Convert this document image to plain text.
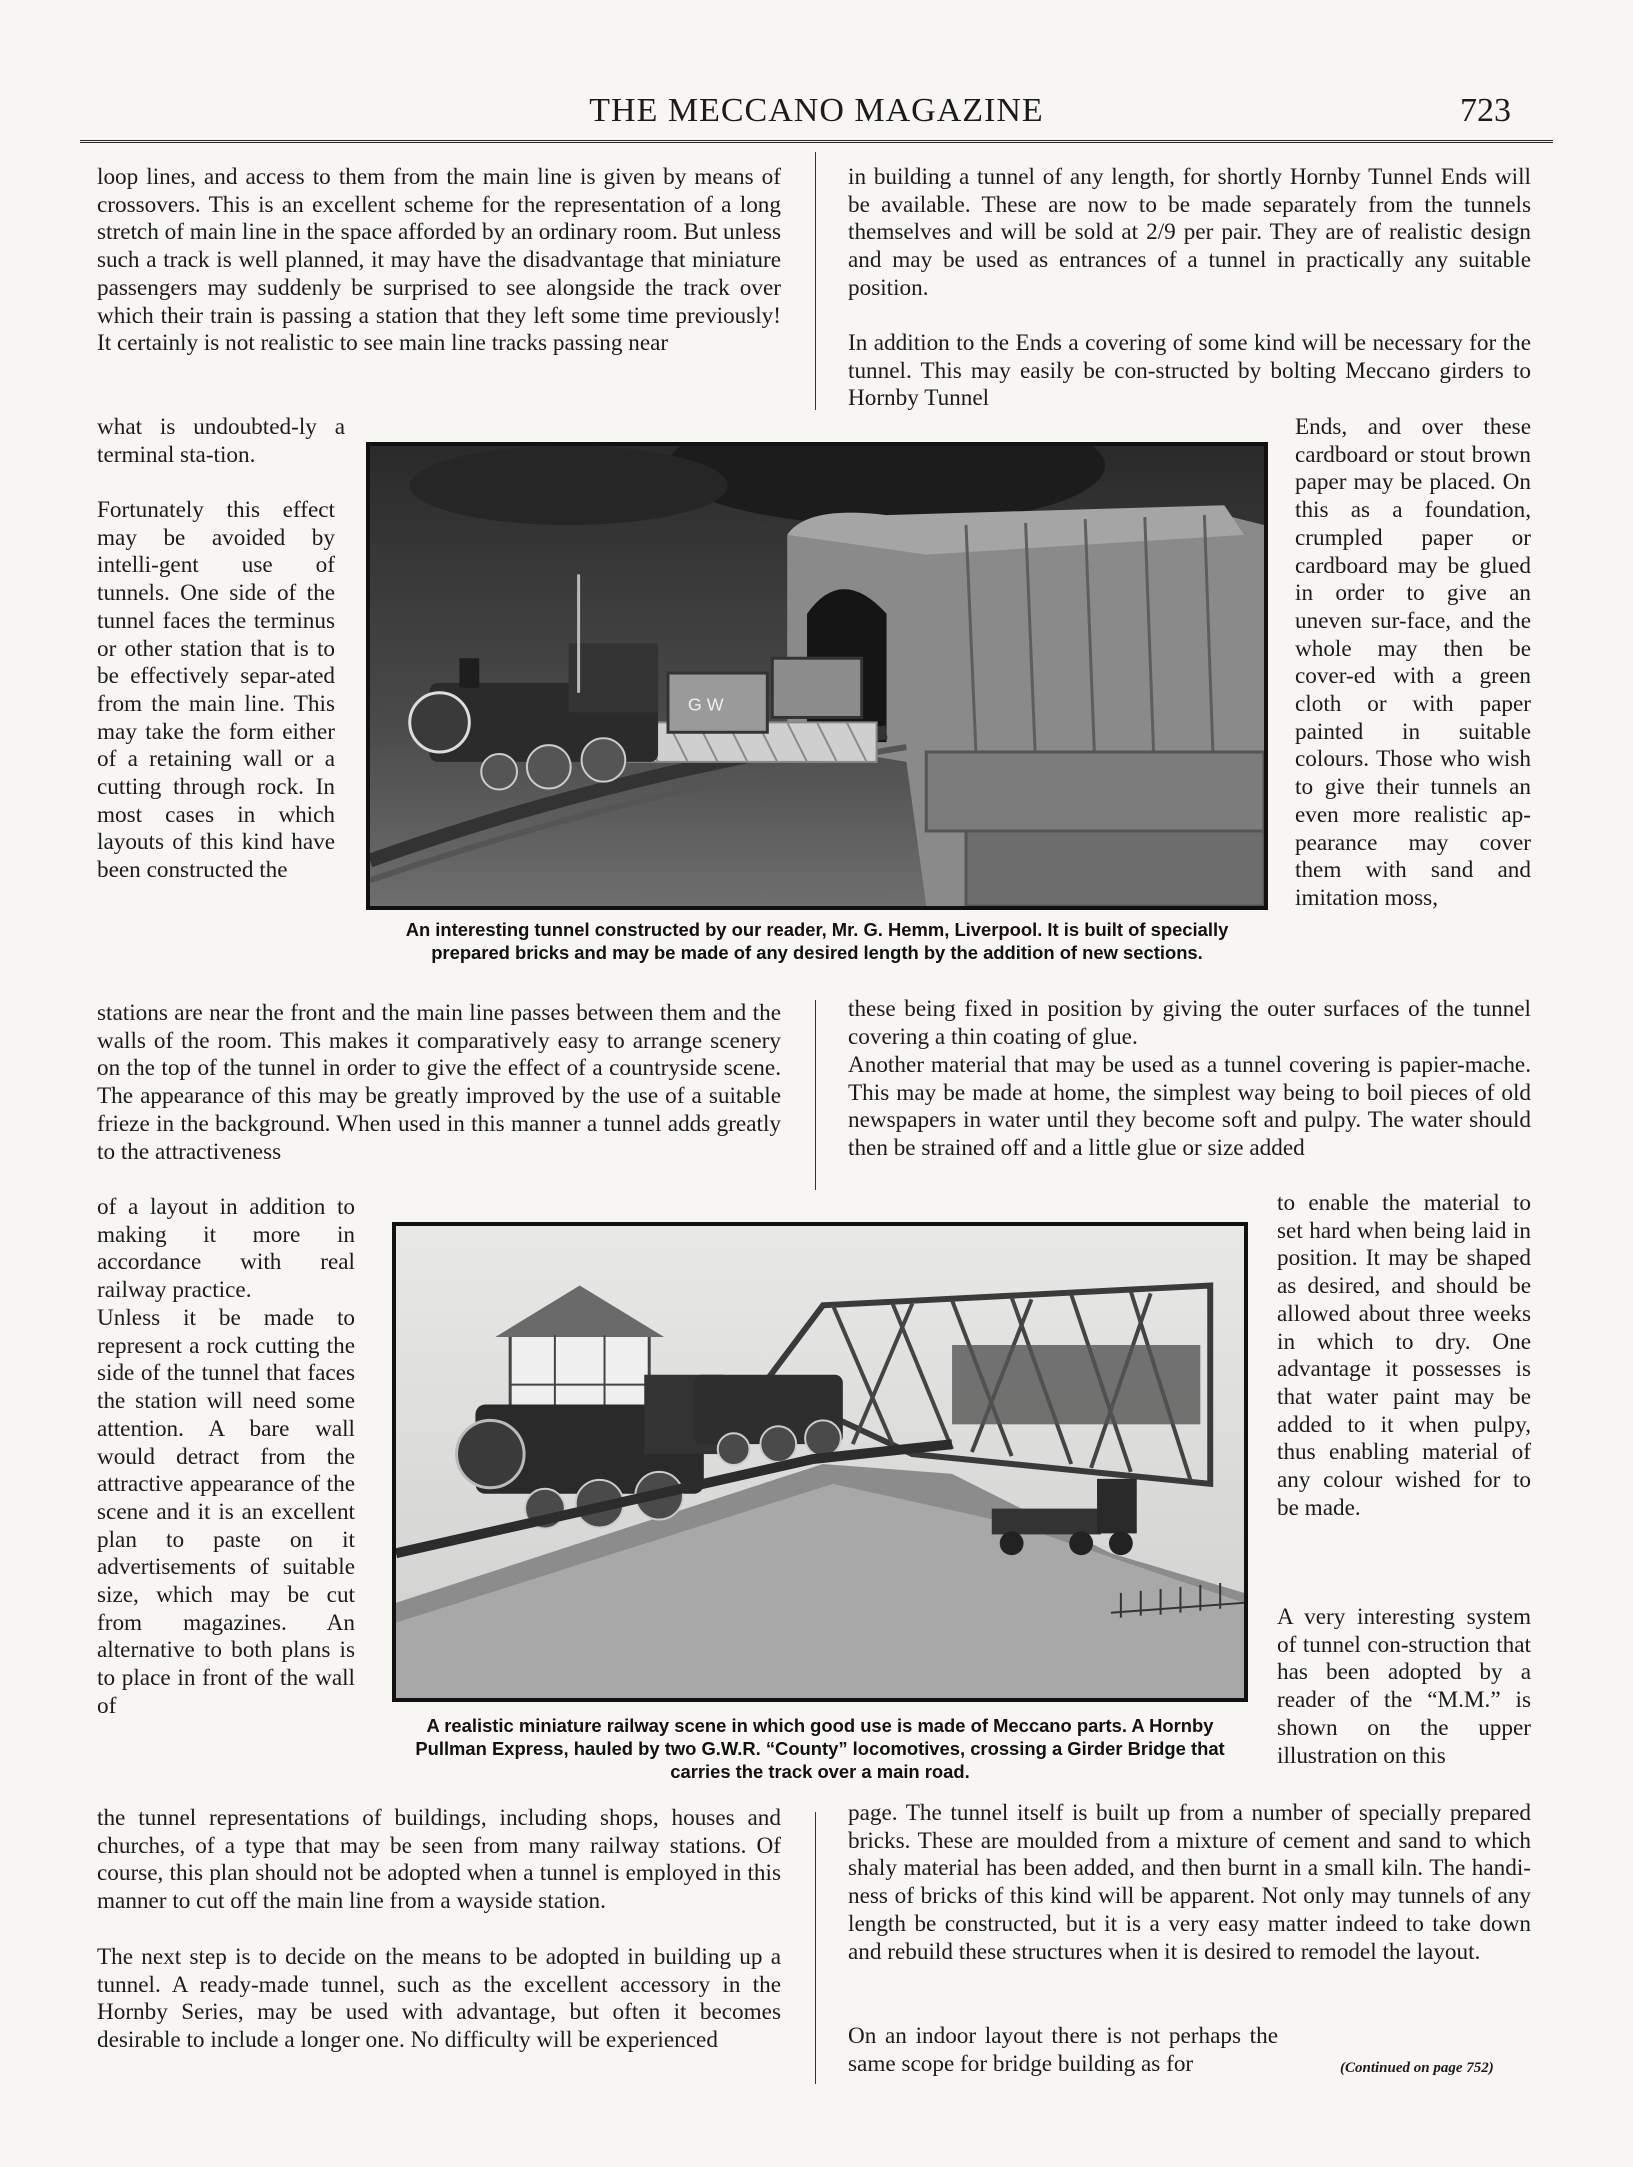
THE MECCANO MAGAZINE	723
loop lines, and access to them from the main line is given by means of crossovers. This is an excellent scheme for the representation of a long stretch of main line in the space afforded by an ordinary room. But unless such a track is well planned, it may have the disadvantage that miniature passengers may suddenly be surprised to see alongside the track over which their train is passing a station that they left some time previously! It certainly is not realistic to see main line tracks passing near
what is undoubted-ly a terminal sta-tion.
Fortunately this effect may be avoided by intelli-gent use of tunnels. One side of the tunnel faces the terminus or other station that is to be effectively separ-ated from the main line. This may take the form either of a retaining wall or a cutting through rock. In most cases in which layouts of this kind have been constructed the
stations are near the front and the main line passes between them and the walls of the room. This makes it comparatively easy to arrange scenery on the top of the tunnel in order to give the effect of a countryside scene. The appearance of this may be greatly improved by the use of a suitable frieze in the background. When used in this manner a tunnel adds greatly to the attractiveness
of a layout in addition to making it more in accordance with real railway practice.
Unless it be made to represent a rock cutting the side of the tunnel that faces the station will need some attention. A bare wall would detract from the attractive appearance of the scene and it is an excellent plan to paste on it advertisements of suitable size, which may be cut from magazines. An alternative to both plans is to place in front of the wall of
the tunnel representations of buildings, including shops, houses and churches, of a type that may be seen from many railway stations. Of course, this plan should not be adopted when a tunnel is employed in this manner to cut off the main line from a wayside station.
The next step is to decide on the means to be adopted in building up a tunnel. A ready-made tunnel, such as the excellent accessory in the Hornby Series, may be used with advantage, but often it becomes desirable to include a longer one. No difficulty will be experienced
in building a tunnel of any length, for shortly Hornby Tunnel Ends will be available. These are now to be made separately from the tunnels themselves and will be sold at 2/9 per pair. They are of realistic design and may be used as entrances of a tunnel in practically any suitable position.
In addition to the Ends a covering of some kind will be necessary for the tunnel. This may easily be con-structed by bolting Meccano girders to Hornby Tunnel
Ends, and over these cardboard or stout brown paper may be placed. On this as a foundation, crumpled paper or cardboard may be glued in order to give an uneven sur-face, and the whole may then be cover-ed with a green cloth or with paper painted in suitable colours. Those who wish to give their tunnels an even more realistic ap-pearance may cover them with sand and imitation moss,
these being fixed in position by giving the outer surfaces of the tunnel covering a thin coating of glue.
Another material that may be used as a tunnel covering is papier-mache. This may be made at home, the simplest way being to boil pieces of old newspapers in water until they become soft and pulpy. The water should then be strained off and a little glue or size added
to enable the material to set hard when being laid in position. It may be shaped as desired, and should be allowed about three weeks in which to dry. One advantage it possesses is that water paint may be added to it when pulpy, thus enabling material of any colour wished for to be made.
A very interesting system of tunnel con-struction that has been adopted by a reader of the “M.M.” is shown on the upper illustration on this
page. The tunnel itself is built up from a number of specially prepared bricks. These are moulded from a mixture of cement and sand to which shaly material has been added, and then burnt in a small kiln. The handi-ness of bricks of this kind will be apparent. Not only may tunnels of any length be constructed, but it is a very easy matter indeed to take down and rebuild these structures when it is desired to remodel the layout.
On an indoor layout there is not perhaps the same scope for bridge building as for	(Continued on page 752)
G W
An interesting tunnel constructed by our reader, Mr. G. Hemm, Liverpool. It is built of specially prepared bricks and may be made of any desired length by the addition of new sections.
A realistic miniature railway scene in which good use is made of Meccano parts. A Hornby Pullman Express, hauled by two G.W.R. “County” locomotives, crossing a Girder Bridge that carries the track over a main road.
